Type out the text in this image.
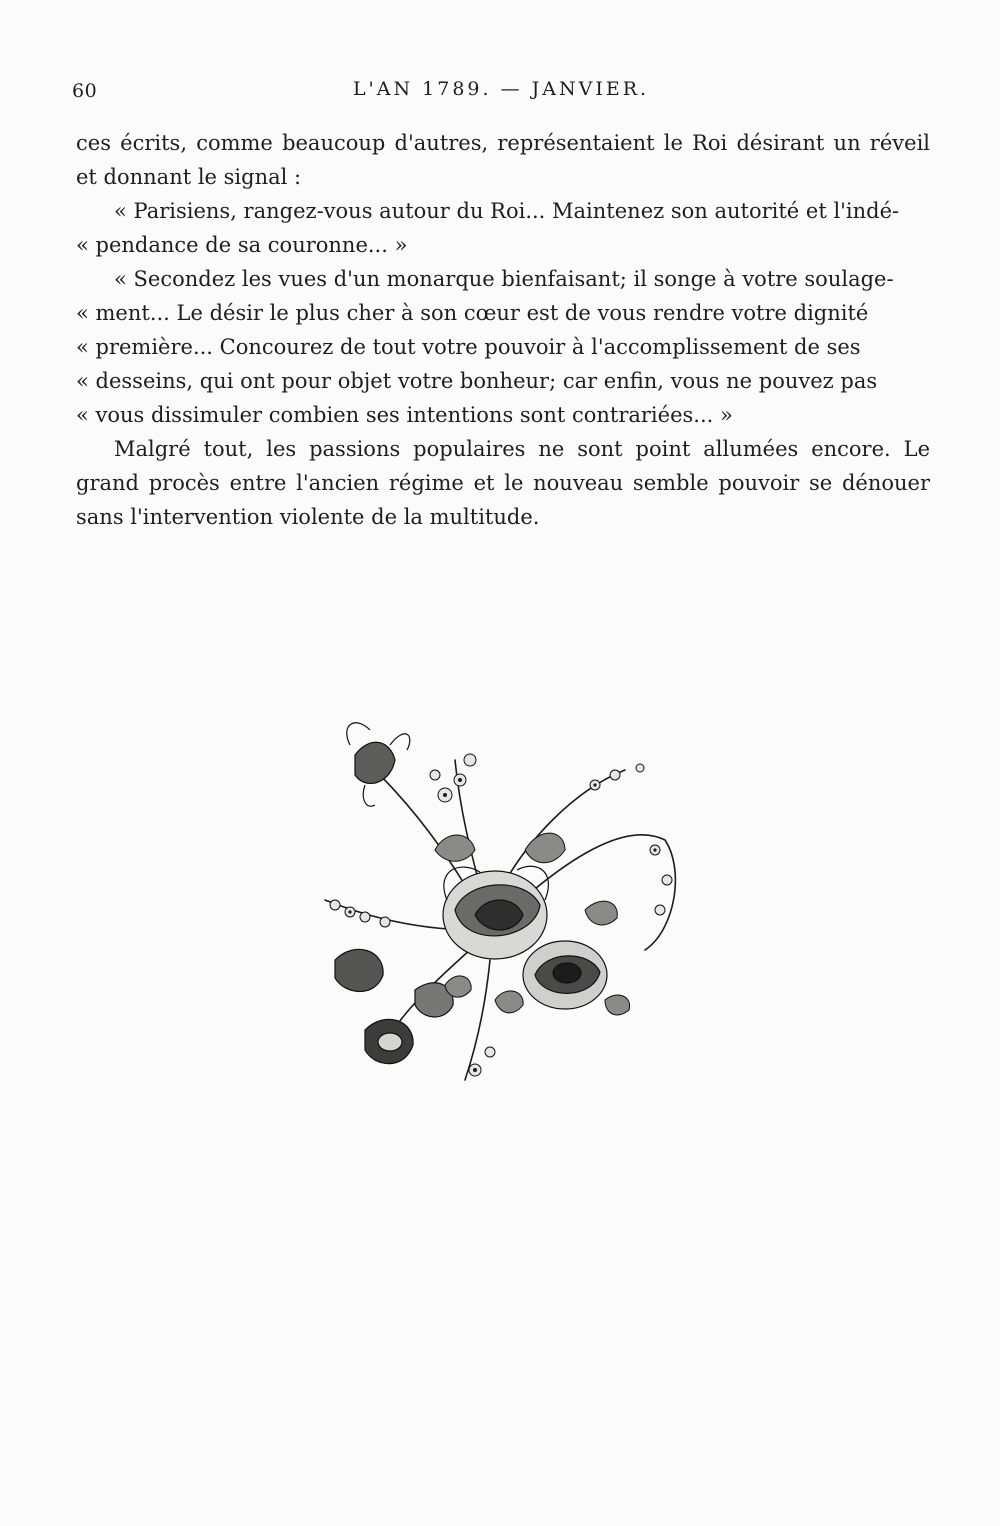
60	L'AN 1789. — JANVIER.

ces écrits, comme beaucoup d'autres, représentaient le Roi désirant un réveil et donnant le signal :

« Parisiens, rangez-vous autour du Roi... Maintenez son autorité et l'indé-
« pendance de sa couronne... »

« Secondez les vues d'un monarque bienfaisant; il songe à votre soulage-
« ment... Le désir le plus cher à son cœur est de vous rendre votre dignité
« première... Concourez de tout votre pouvoir à l'accomplissement de ses
« desseins, qui ont pour objet votre bonheur; car enfin, vous ne pouvez pas
« vous dissimuler combien ses intentions sont contrariées... »

Malgré tout, les passions populaires ne sont point allumées encore. Le grand procès entre l'ancien régime et le nouveau semble pouvoir se dénouer sans l'intervention violente de la multitude.
